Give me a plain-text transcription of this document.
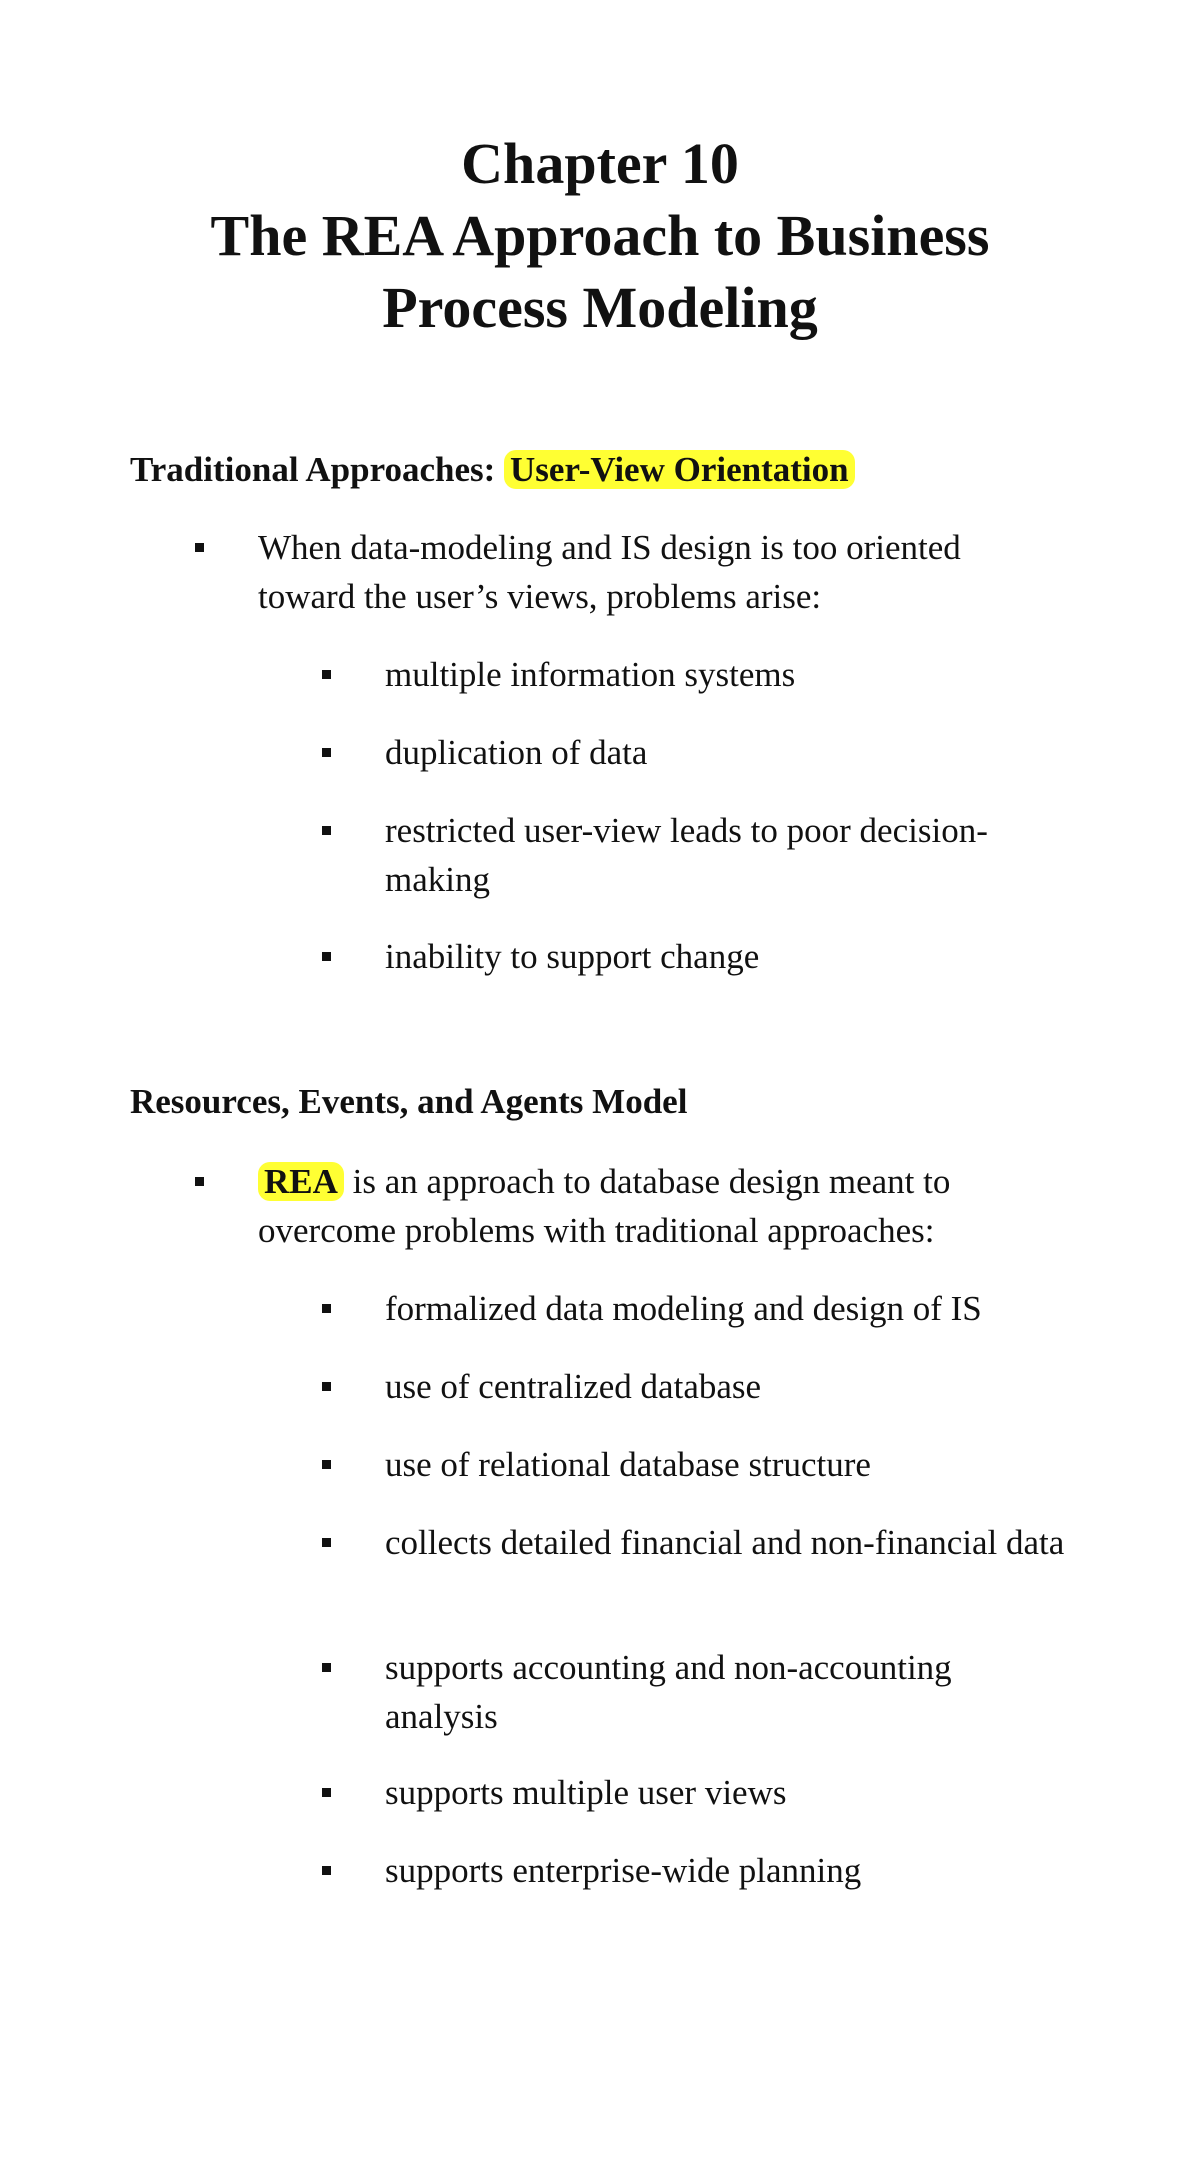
Chapter 10
The REA Approach to Business
Process Modeling
Traditional Approaches: User-View Orientation
When data-modeling and IS design is too oriented toward the user’s views, problems arise:
multiple information systems
duplication of data
restricted user-view leads to poor decision-making
inability to support change
Resources, Events, and Agents Model
REA is an approach to database design meant to overcome problems with traditional approaches:
formalized data modeling and design of IS
use of centralized database
use of relational database structure
collects detailed financial and non-financial data
supports accounting and non-accounting analysis
supports multiple user views
supports enterprise-wide planning
